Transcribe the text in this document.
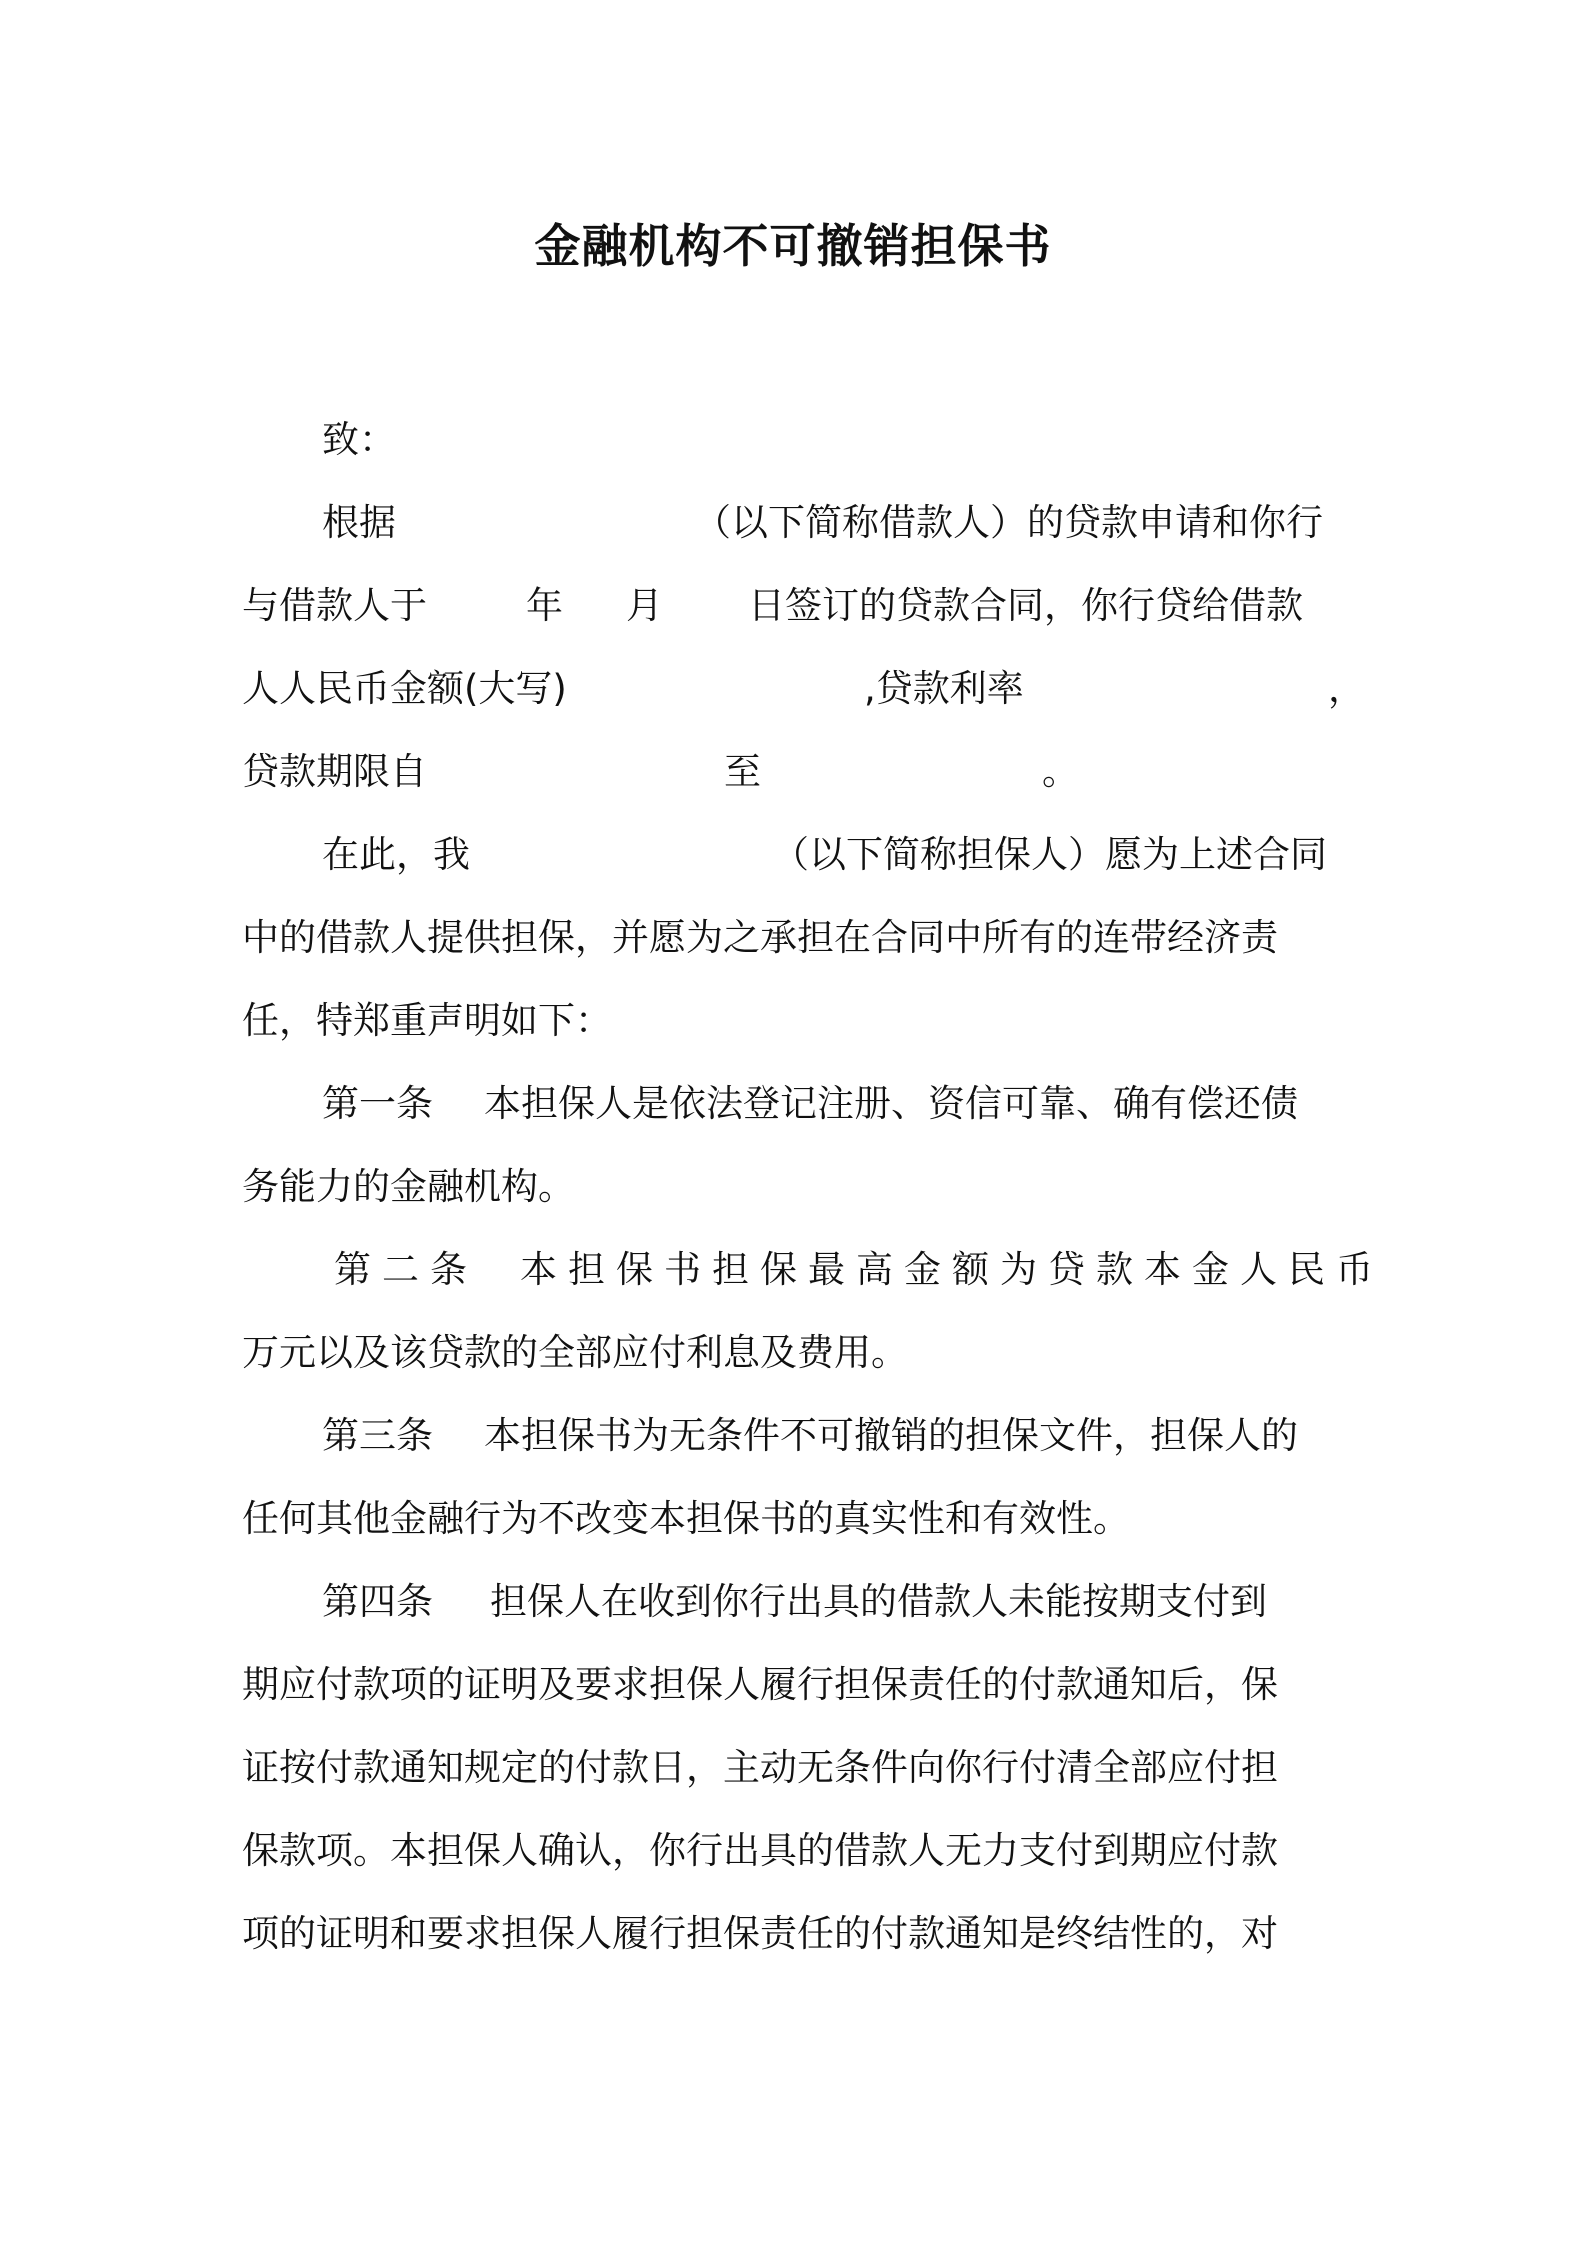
金融机构不可撤销担保书
致：
根据	（以下简称借款人）的贷款申请和你行
与借款人于	年 月 日签订的贷款合同，你行贷给借款
人人民币金额(大写)	,贷款利率	，
贷款期限自	至	。
在此，我	（以下简称担保人）愿为上述合同
中的借款人提供担保，并愿为之承担在合同中所有的连带经济责
任，特郑重声明如下：
第一条 本担保人是依法登记注册、资信可靠、确有偿还债
务能力的金融机构。
第二条 本担保书担保最高金额为贷款本金人民币
万元以及该贷款的全部应付利息及费用。
第三条 本担保书为无条件不可撤销的担保文件，担保人的
任何其他金融行为不改变本担保书的真实性和有效性。
第四条 担保人在收到你行出具的借款人未能按期支付到
期应付款项的证明及要求担保人履行担保责任的付款通知后，保
证按付款通知规定的付款日，主动无条件向你行付清全部应付担
保款项。本担保人确认，你行出具的借款人无力支付到期应付款
项的证明和要求担保人履行担保责任的付款通知是终结性的，对
